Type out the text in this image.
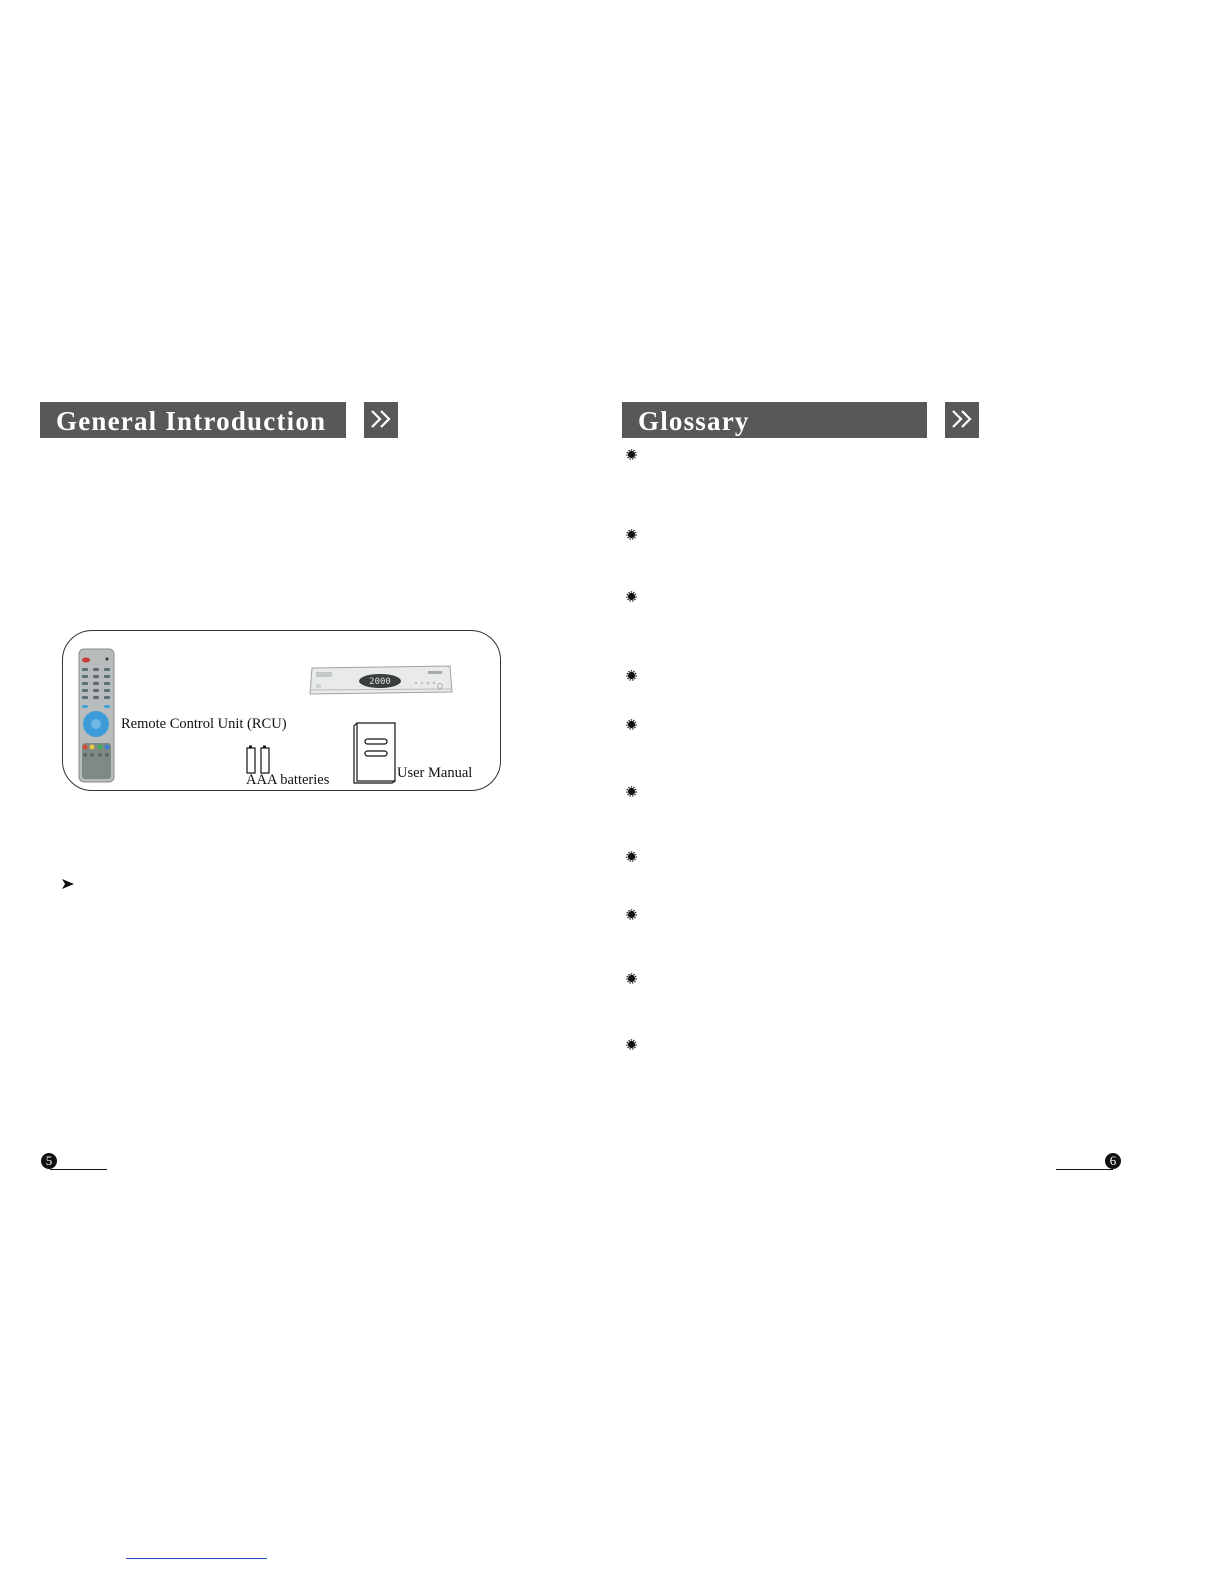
General Introduction
Remote Control Unit (RCU)
2000
AAA batteries	User Manual
5
Glossary
6
